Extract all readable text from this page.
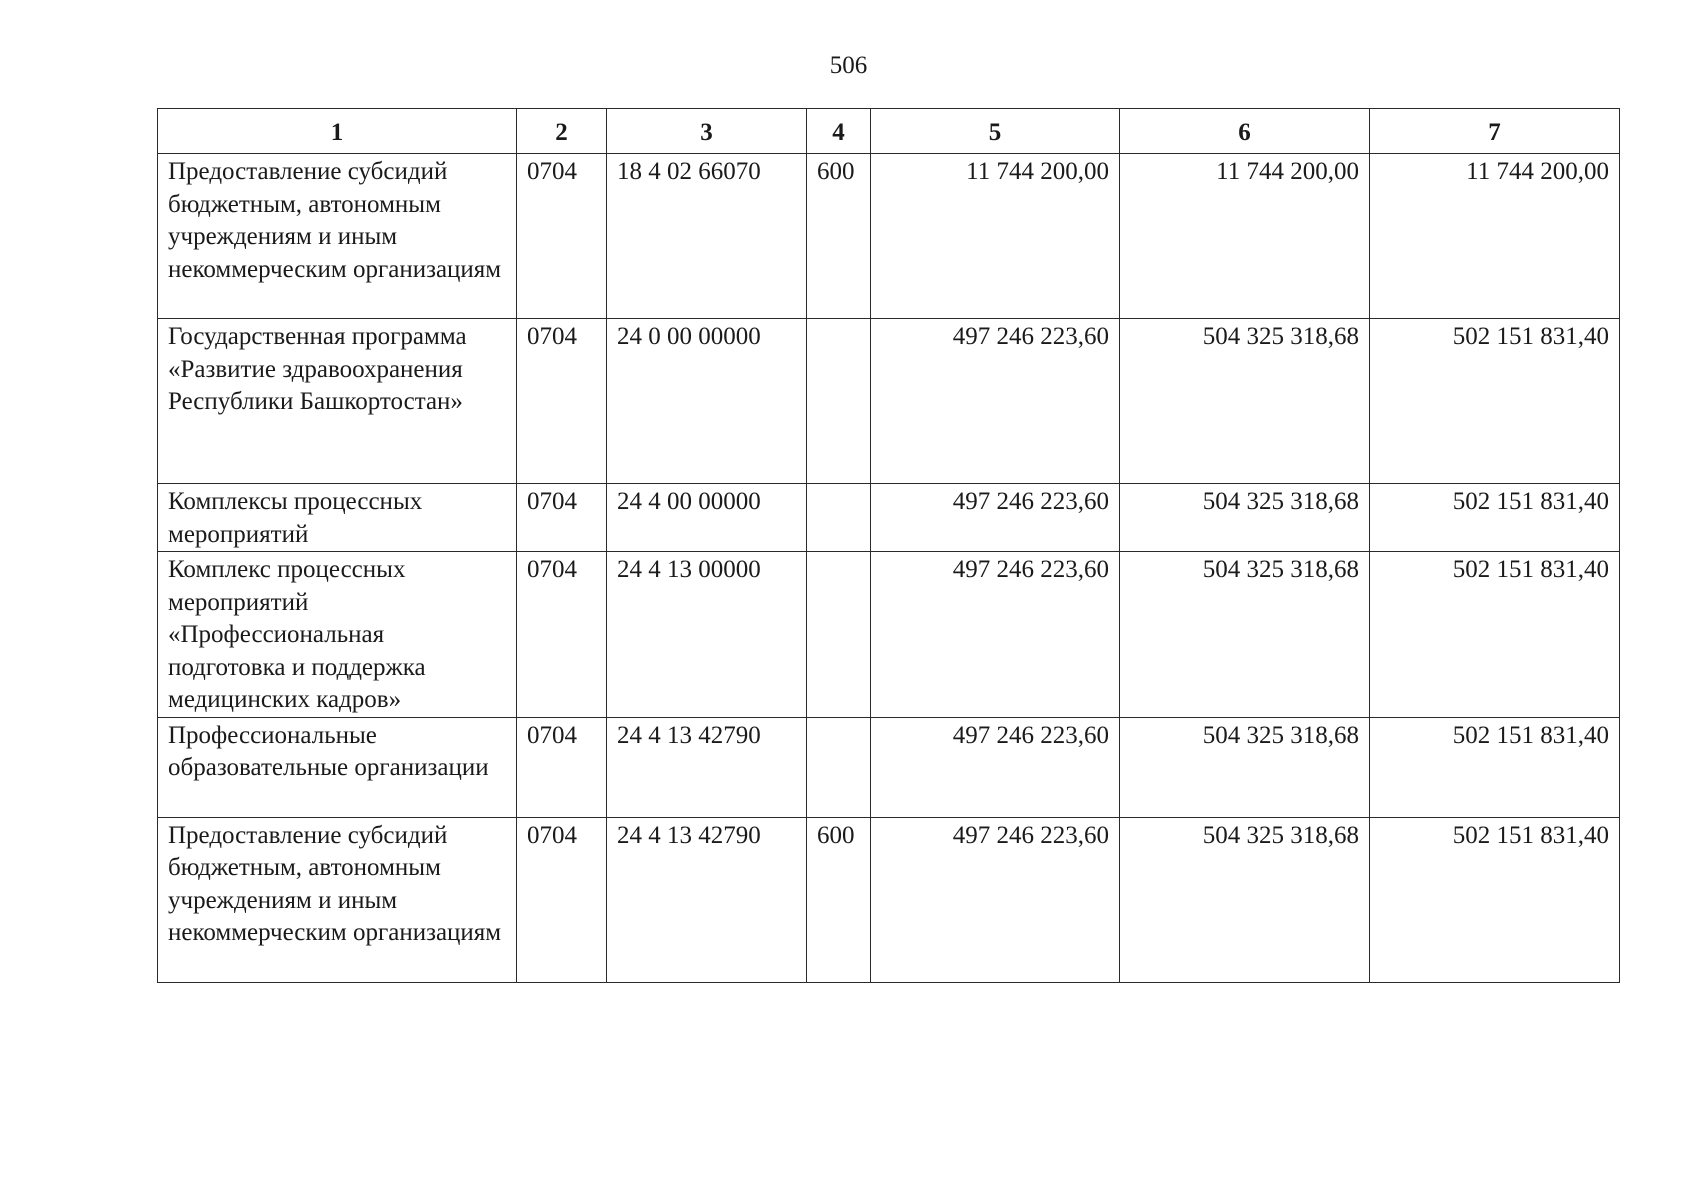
506
1	2	3	4	5	6	7
Предоставление субсидий бюджетным, автономным учреждениям и иным некоммерческим организациям	0704	18 4 02 66070	600	11 744 200,00	11 744 200,00	11 744 200,00
Государственная программа «Развитие здравоохранения Республики Башкортостан»	0704	24 0 00 00000		497 246 223,60	504 325 318,68	502 151 831,40
Комплексы процессных мероприятий	0704	24 4 00 00000		497 246 223,60	504 325 318,68	502 151 831,40
Комплекс процессных мероприятий «Профессиональная подготовка и поддержка медицинских кадров»	0704	24 4 13 00000		497 246 223,60	504 325 318,68	502 151 831,40
Профессиональные образовательные организации	0704	24 4 13 42790		497 246 223,60	504 325 318,68	502 151 831,40
Предоставление субсидий бюджетным, автономным учреждениям и иным некоммерческим организациям	0704	24 4 13 42790	600	497 246 223,60	504 325 318,68	502 151 831,40
